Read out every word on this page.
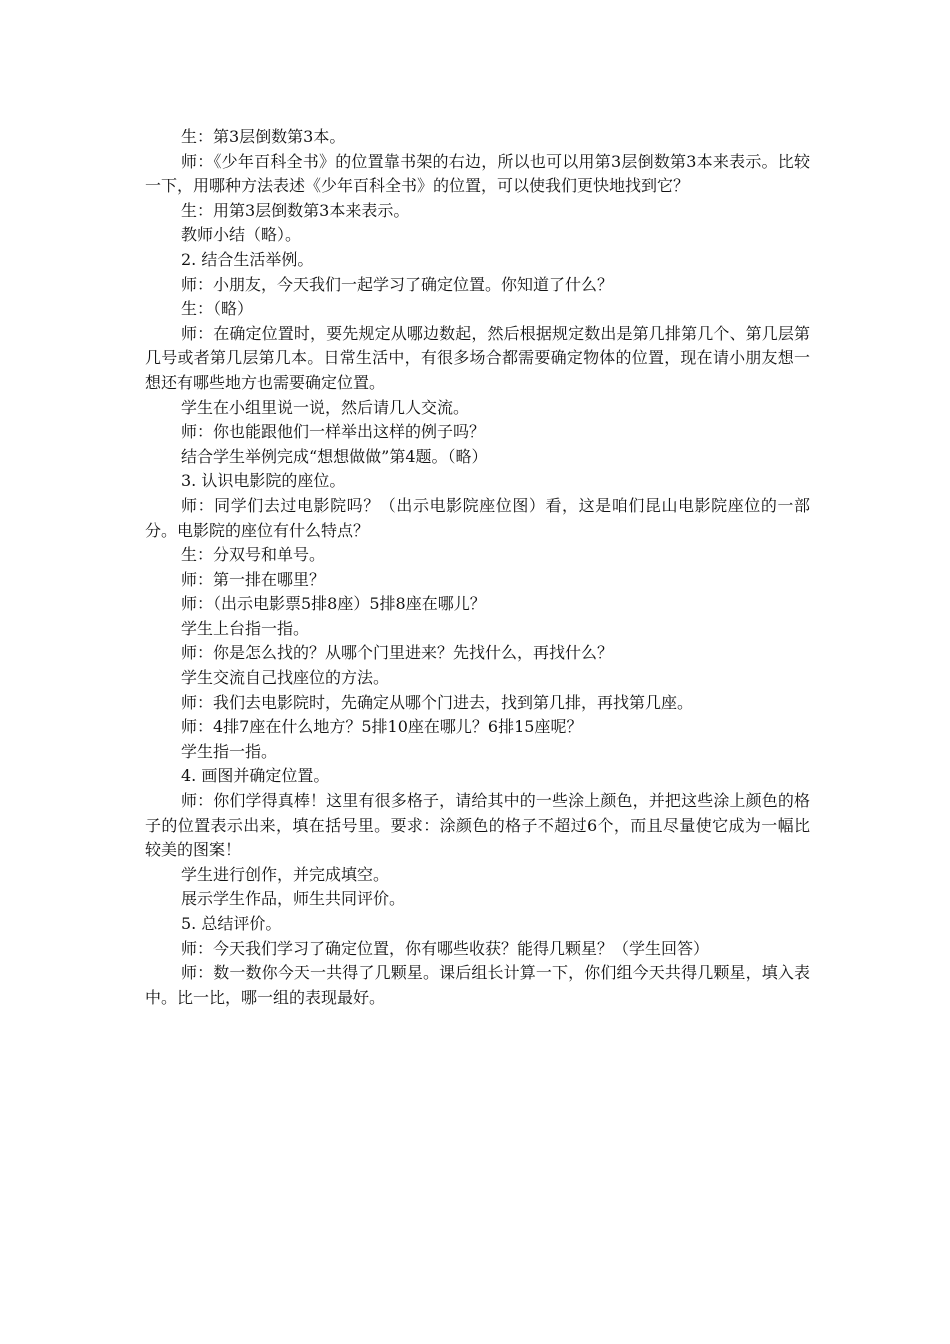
生：第3层倒数第3本。

师：《少年百科全书》的位置靠书架的右边，所以也可以用第3层倒数第3本来表示。比较一下，用哪种方法表述《少年百科全书》的位置，可以使我们更快地找到它？

生：用第3层倒数第3本来表示。

教师小结（略）。

2. 结合生活举例。

师：小朋友，今天我们一起学习了确定位置。你知道了什么？

生：（略）

师：在确定位置时，要先规定从哪边数起，然后根据规定数出是第几排第几个、第几层第几号或者第几层第几本。日常生活中，有很多场合都需要确定物体的位置，现在请小朋友想一想还有哪些地方也需要确定位置。

学生在小组里说一说，然后请几人交流。

师：你也能跟他们一样举出这样的例子吗？

结合学生举例完成“想想做做”第4题。（略）

3. 认识电影院的座位。

师：同学们去过电影院吗？（出示电影院座位图）看，这是咱们昆山电影院座位的一部分。电影院的座位有什么特点？

生：分双号和单号。

师：第一排在哪里？

师：（出示电影票5排8座）5排8座在哪儿？

学生上台指一指。

师：你是怎么找的？从哪个门里进来？先找什么，再找什么？

学生交流自己找座位的方法。

师：我们去电影院时，先确定从哪个门进去，找到第几排，再找第几座。

师：4排7座在什么地方？5排10座在哪儿？6排15座呢？

学生指一指。

4. 画图并确定位置。

师：你们学得真棒！这里有很多格子，请给其中的一些涂上颜色，并把这些涂上颜色的格子的位置表示出来，填在括号里。要求：涂颜色的格子不超过6个，而且尽量使它成为一幅比较美的图案！

学生进行创作，并完成填空。

展示学生作品，师生共同评价。

5. 总结评价。

师：今天我们学习了确定位置，你有哪些收获？能得几颗星？（学生回答）

师：数一数你今天一共得了几颗星。课后组长计算一下，你们组今天共得几颗星，填入表中。比一比，哪一组的表现最好。
